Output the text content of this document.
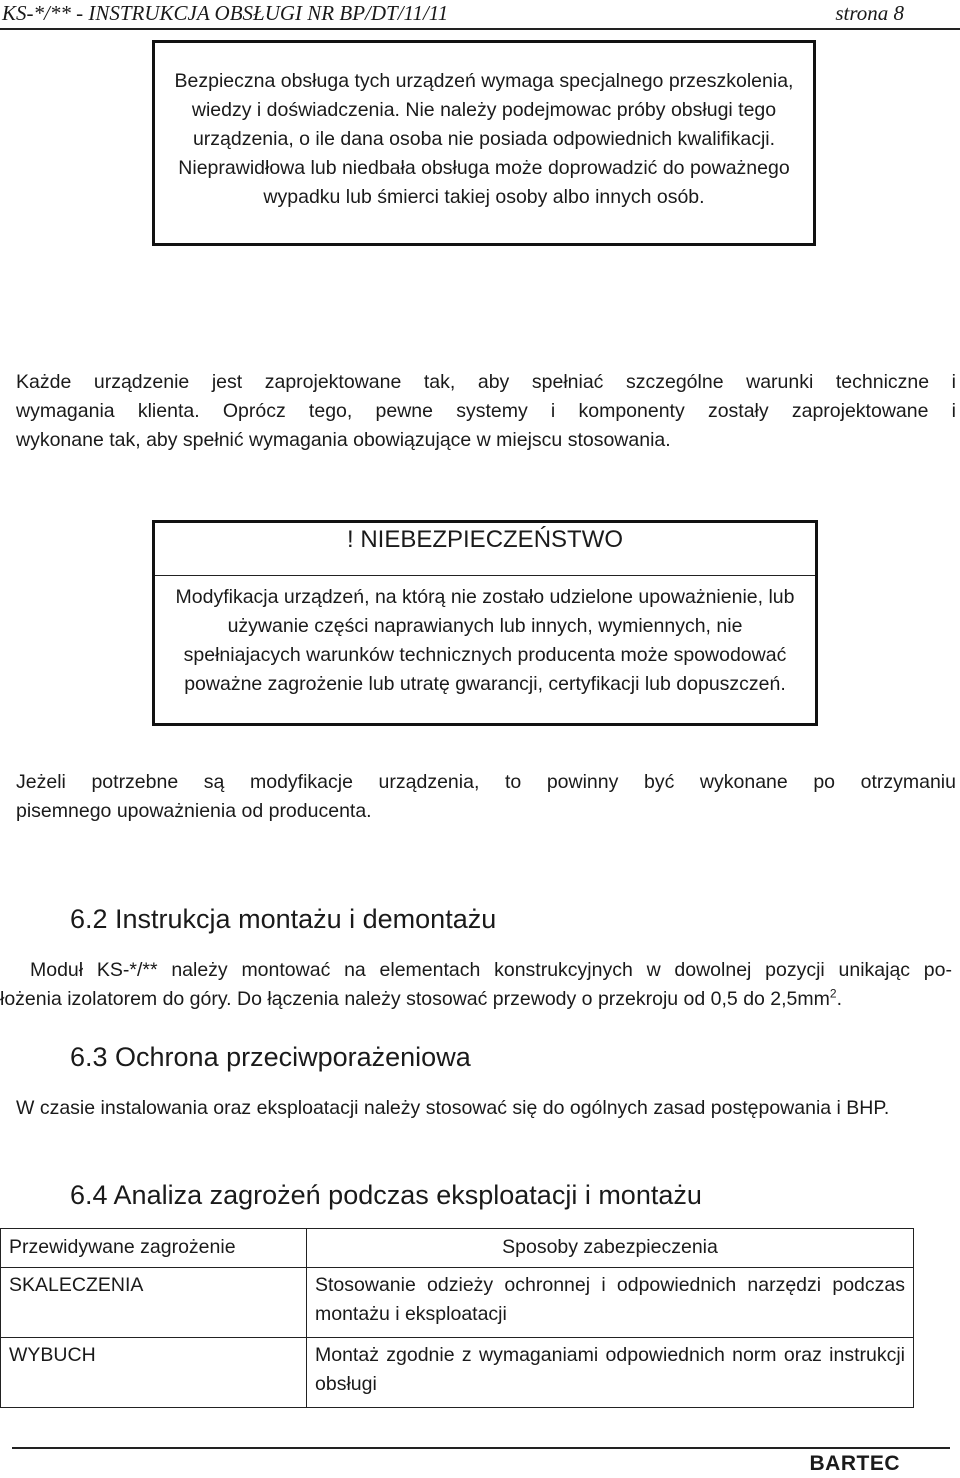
KS-*/** - INSTRUKCJA OBSŁUGI NR BP/DT/11/11	strona 8
Bezpieczna obsługa tych urządzeń wymaga specjalnego przeszkolenia, wiedzy i doświadczenia. Nie należy podejmowac próby obsługi tego urządzenia, o ile dana osoba nie posiada odpowiednich kwalifikacji. Nieprawidłowa lub niedbała obsługa może doprowadzić do poważnego wypadku lub śmierci takiej osoby albo innych osób.
Każde urządzenie jest zaprojektowane tak, aby spełniać szczególne warunki techniczne i
wymagania klienta. Oprócz tego, pewne systemy i komponenty zostały zaprojektowane i
wykonane tak, aby spełnić wymagania obowiązujące w miejscu stosowania.
! NIEBEZPIECZEŃSTWO
Modyfikacja urządzeń, na którą nie zostało udzielone upoważnienie, lub używanie części naprawianych lub innych, wymiennych, nie spełniajacych warunków technicznych producenta może spowodować poważne zagrożenie lub utratę gwarancji, certyfikacji lub dopuszczeń.
Jeżeli potrzebne są modyfikacje urządzenia, to powinny być wykonane po otrzymaniu
pisemnego upoważnienia od producenta.
6.2 Instrukcja montażu i demontażu
Moduł KS-*/** należy montować na elementach konstrukcyjnych w dowolnej pozycji unikając po-
łożenia izolatorem do góry. Do łączenia należy stosować przewody o przekroju od 0,5 do $2,5mm^2$.
6.3 Ochrona przeciwporażeniowa
W czasie instalowania oraz eksploatacji należy stosować się do ogólnych zasad postępowania i BHP.
6.4 Analiza zagrożeń podczas eksploatacji i montażu
Przewidywane zagrożenie	Sposoby zabezpieczenia
SKALECZENIA	Stosowanie odzieży ochronnej i odpowiednich narzędzi podczas montażu i eksploatacji
WYBUCH	Montaż zgodnie z wymaganiami odpowiednich norm oraz instrukcji obsługi
BARTEC
